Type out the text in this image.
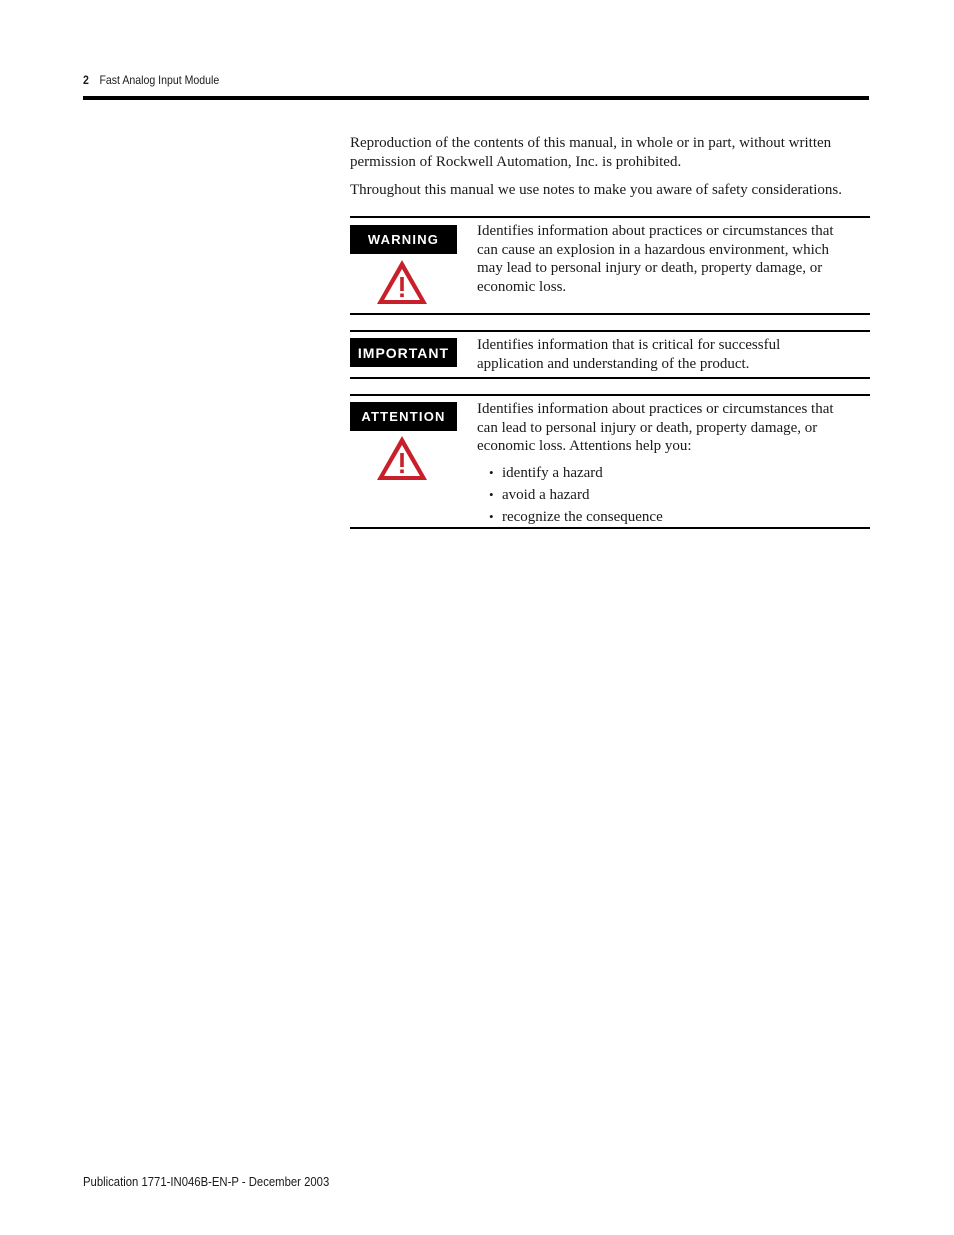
2 Fast Analog Input Module

Reproduction of the contents of this manual, in whole or in part, without written permission of Rockwell Automation, Inc. is prohibited.

Throughout this manual we use notes to make you aware of safety considerations.

WARNING
Identifies information about practices or circumstances that can cause an explosion in a hazardous environment, which may lead to personal injury or death, property damage, or economic loss.
IMPORTANT	Identifies information that is critical for successful application and understanding of the product.
ATTENTION	Identifies information about practices or circumstances that can lead to personal injury or death, property damage, or economic loss. Attentions help you:
• identify a hazard
• avoid a hazard
• recognize the consequence
Publication 1771-IN046B-EN-P - December 2003
